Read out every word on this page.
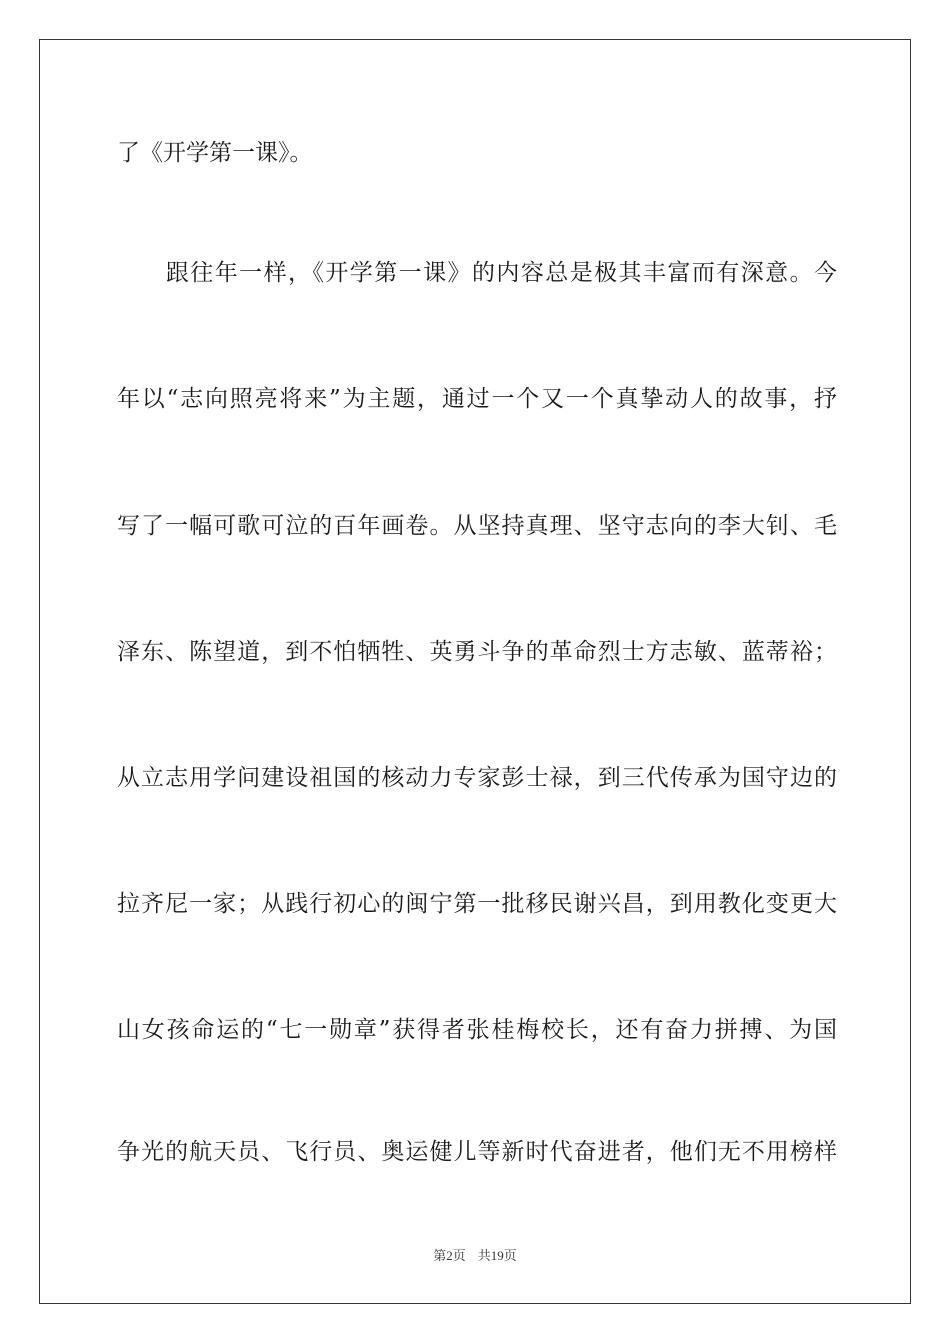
了《开学第一课》。
　　跟往年一样，《开学第一课》的内容总是极其丰富而有深意。今
年以“志向照亮将来”为主题，通过一个又一个真挚动人的故事，抒
写了一幅可歌可泣的百年画卷。从坚持真理、坚守志向的李大钊、毛
泽东、陈望道，到不怕牺牲、英勇斗争的革命烈士方志敏、蓝蒂裕；
从立志用学问建设祖国的核动力专家彭士禄，到三代传承为国守边的
拉齐尼一家；从践行初心的闽宁第一批移民谢兴昌，到用教化变更大
山女孩命运的“七一勋章”获得者张桂梅校长，还有奋力拼搏、为国
争光的航天员、飞行员、奥运健儿等新时代奋进者，他们无不用榜样
第2页 共19页
